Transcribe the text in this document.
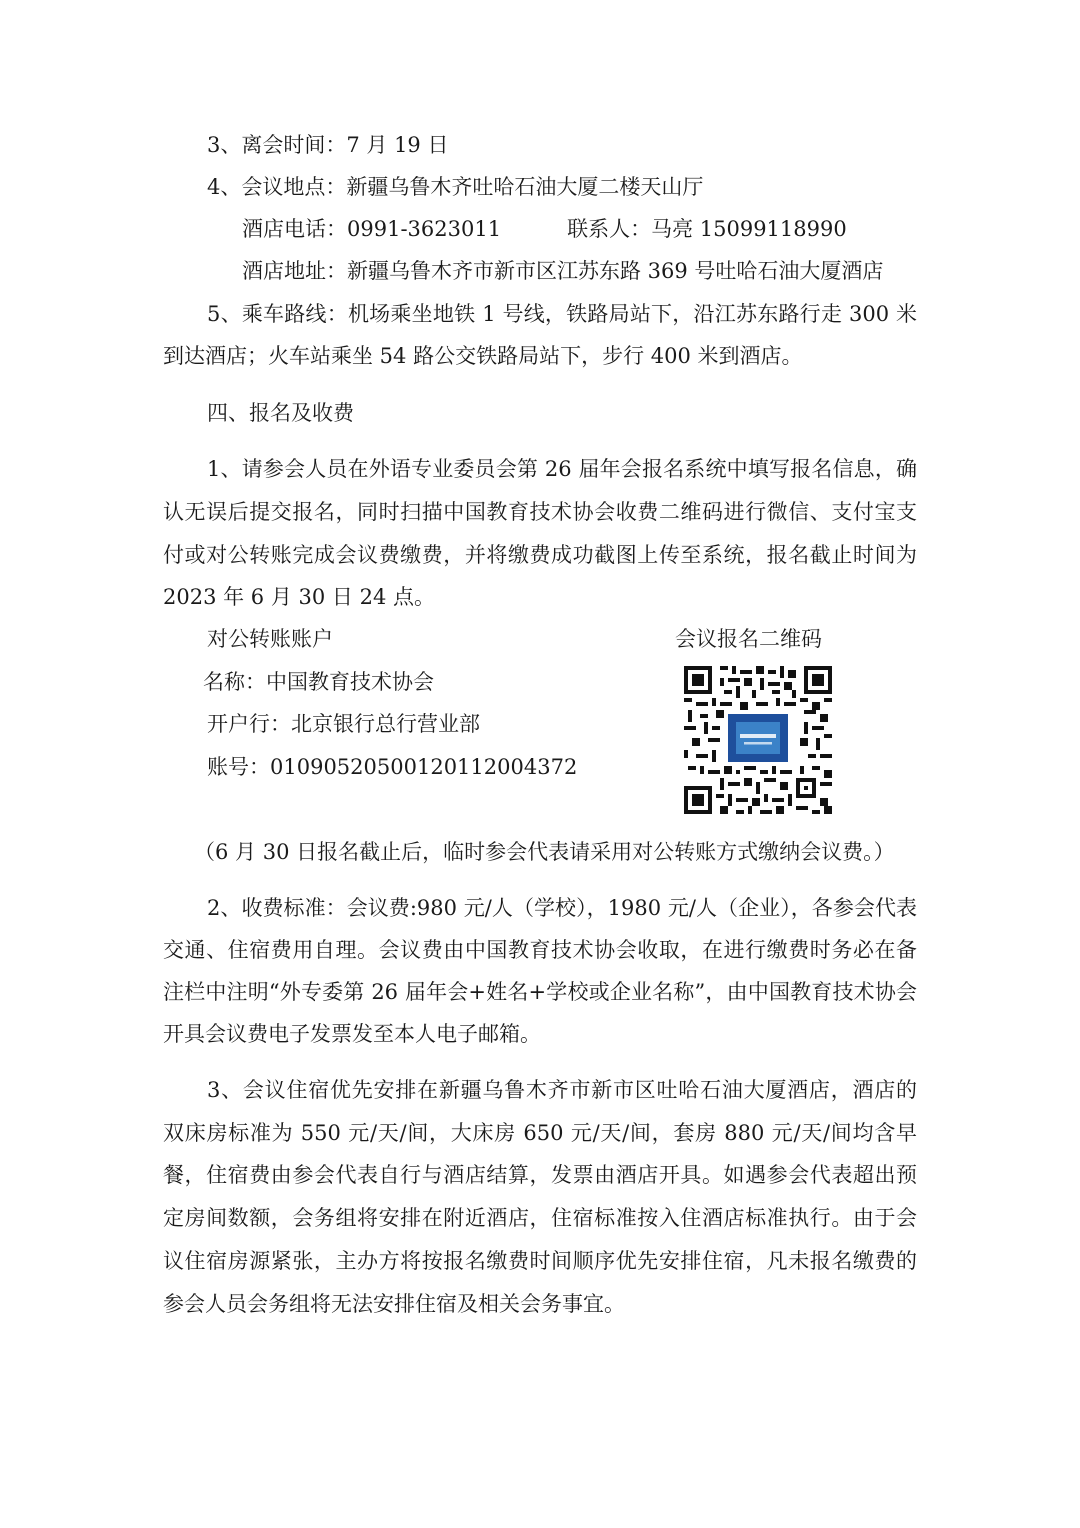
3、离会时间：7 月 19 日
4、会议地点：新疆乌鲁木齐吐哈石油大厦二楼天山厅
酒店电话：0991-3623011	联系人：马亮 15099118990
酒店地址：新疆乌鲁木齐市新市区江苏东路 369 号吐哈石油大厦酒店
5、乘车路线：机场乘坐地铁 1 号线，铁路局站下，沿江苏东路行走 300 米
到达酒店；火车站乘坐 54 路公交铁路局站下，步行 400 米到酒店。
四、报名及收费
1、请参会人员在外语专业委员会第 26 届年会报名系统中填写报名信息，确
认无误后提交报名，同时扫描中国教育技术协会收费二维码进行微信、支付宝支
付或对公转账完成会议费缴费，并将缴费成功截图上传至系统，报名截止时间为
2023 年 6 月 30 日 24 点。
对公转账账户
名称：中国教育技术协会
开户行：北京银行总行营业部
账号：01090520500120112004372
会议报名二维码
（6 月 30 日报名截止后，临时参会代表请采用对公转账方式缴纳会议费。）
2、收费标准：会议费:980 元/人（学校），1980 元/人（企业），各参会代表
交通、住宿费用自理。会议费由中国教育技术协会收取，在进行缴费时务必在备
注栏中注明“外专委第 26 届年会+姓名+学校或企业名称”，由中国教育技术协会
开具会议费电子发票发至本人电子邮箱。
3、会议住宿优先安排在新疆乌鲁木齐市新市区吐哈石油大厦酒店，酒店的
双床房标准为 550 元/天/间，大床房 650 元/天/间，套房 880 元/天/间均含早
餐，住宿费由参会代表自行与酒店结算，发票由酒店开具。如遇参会代表超出预
定房间数额，会务组将安排在附近酒店，住宿标准按入住酒店标准执行。由于会
议住宿房源紧张，主办方将按报名缴费时间顺序优先安排住宿，凡未报名缴费的
参会人员会务组将无法安排住宿及相关会务事宜。
